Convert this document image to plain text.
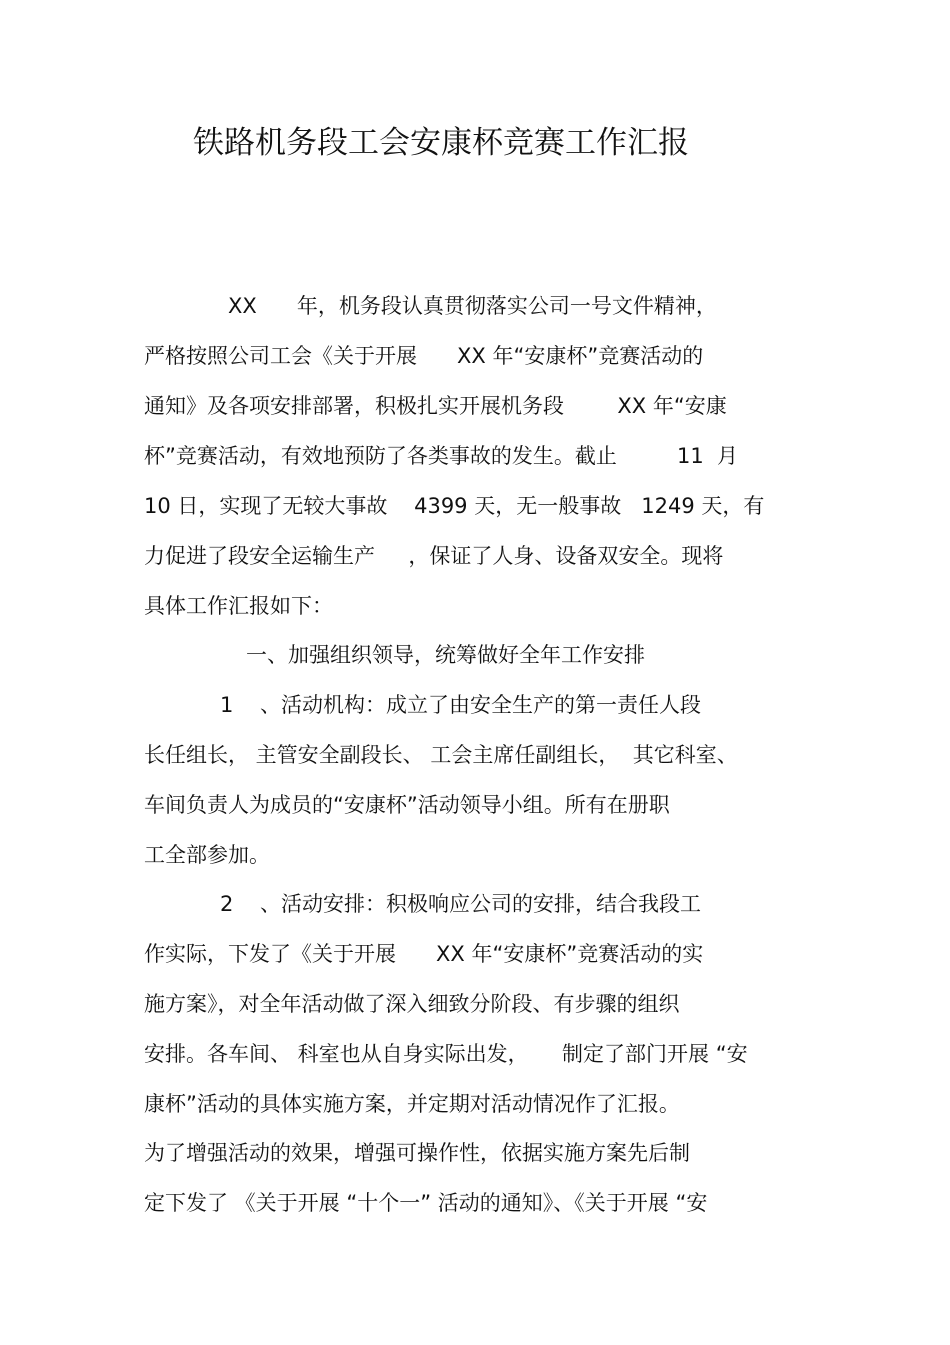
铁路机务段工会安康杯竞赛工作汇报
XX      年，机务段认真贯彻落实公司一号文件精神，
严格按照公司工会《关于开展      XX 年“安康杯”竞赛活动的
通知》及各项安排部署，积极扎实开展机务段        XX 年“安康
杯”竞赛活动，有效地预防了各类事故的发生。截止         11  月
10 日，实现了无较大事故    4399 天，无一般事故   1249 天，有
力促进了段安全运输生产     ，保证了人身、设备双安全。现将
具体工作汇报如下：
一、加强组织领导，统筹做好全年工作安排
1    、活动机构：成立了由安全生产的第一责任人段
长任组长， 主管安全副段长、 工会主席任副组长，  其它科室、
车间负责人为成员的“安康杯”活动领导小组。所有在册职
工全部参加。
2    、活动安排：积极响应公司的安排，结合我段工
作实际，下发了《关于开展      XX 年“安康杯”竞赛活动的实
施方案》，对全年活动做了深入细致分阶段、有步骤的组织
安排。各车间、 科室也从自身实际出发，     制定了部门开展 “安
康杯”活动的具体实施方案，并定期对活动情况作了汇报。
为了增强活动的效果，增强可操作性，依据实施方案先后制
定下发了 《关于开展 “十个一” 活动的通知》、《关于开展 “安
